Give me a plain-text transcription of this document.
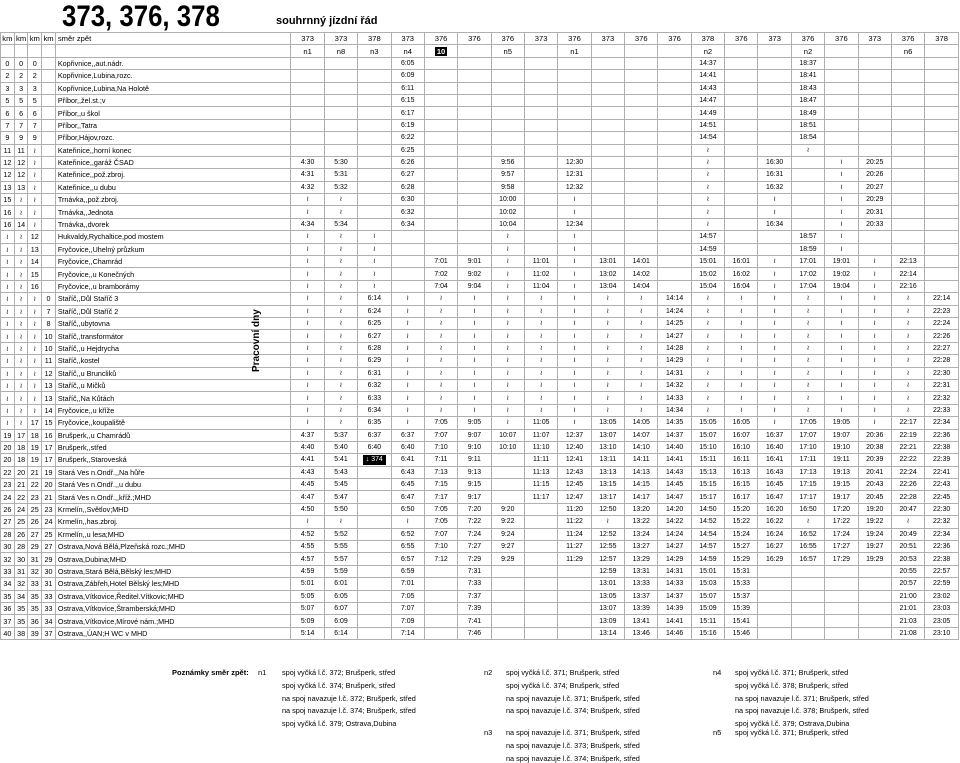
373, 376, 378	souhrnný jízdní řád
km	km	km	km	směr zpět	373	373	378	373	376	376	376	373	376	373	376	376	378	376	373	376	376	373	376	378
					n1	n8	n3	n4	10		n5		n1				n2			n2			n6	
0	0	0		Kopřivnice,,aut.nádr.				6:05									14:37			18:37				
2	2	2		Kopřivnice,Lubina,rozc.				6:09									14:41			18:41				
3	3	3		Kopřivnice,Lubina,Na Holotě				6:11									14:43			18:43				
5	5	5		Příbor,,žel.st.;v				6:15									14:47			18:47				
6	6	6		Příbor,,u škol				6:17									14:49			18:49				
7	7	7		Příbor,,Tatra				6:19									14:51			18:51				
9	9	9		Příbor,Hájov,rozc.				6:22									14:54			18:54				
11	11	≀		Kateřinice,,horní konec				6:25									≀			≀				
12	12	≀		Kateřinice,,garáž ČSAD	4:30	5:30		6:26			9:56		12:30				≀		16:30		≀	20:25		
12	12	≀		Kateřinice,,pož.zbroj.	4:31	5:31		6:27			9:57		12:31				≀		16:31		≀	20:26		
13	13	≀		Kateřinice,,u dubu	4:32	5:32		6:28			9:58		12:32				≀		16:32		≀	20:27		
15	≀	≀		Trnávka,,pož.zbroj.	≀	≀		6:30			10:00		≀				≀		≀		≀	20:29		
16	≀	≀		Trnávka,,Jednota	≀	≀		6:32			10:02		≀				≀		≀		≀	20:31		
16	14	≀		Trnávka,,dvorek	4:34	5:34		6:34			10:04		12:34				≀		16:34		≀	20:33		
≀	≀	12		Hukvaldy,Rychaltice,pod mostem	≀	≀	≀				≀		≀				14:57			18:57	≀			
≀	≀	13		Fryčovice,,Uhelný průzkum	≀	≀	≀				≀		≀				14:59			18:59	≀			
≀	≀	14		Fryčovice,,Chamrád	≀	≀	≀		7:01	9:01	≀	11:01	≀	13:01	14:01		15:01	16:01	≀	17:01	19:01	≀	22:13	
≀	≀	15		Fryčovice,,u Konečných	≀	≀	≀		7:02	9:02	≀	11:02	≀	13:02	14:02		15:02	16:02	≀	17:02	19:02	≀	22:14	
≀	≀	16		Fryčovice,,u bramborárny	≀	≀	≀		7:04	9:04	≀	11:04	≀	13:04	14:04		15:04	16:04	≀	17:04	19:04	≀	22:16	
≀	≀	≀	0	Staříč,,Důl Staříč 3	≀	≀	6:14	≀	≀	≀	≀	≀	≀	≀	≀	14:14	≀	≀	≀	≀	≀	≀	≀	22:14
≀	≀	≀	7	Staříč,,Důl Staříč 2	≀	≀	6:24	≀	≀	≀	≀	≀	≀	≀	≀	14:24	≀	≀	≀	≀	≀	≀	≀	22:23
≀	≀	≀	8	Staříč,,ubytovna	≀	≀	6:25	≀	≀	≀	≀	≀	≀	≀	≀	14:25	≀	≀	≀	≀	≀	≀	≀	22:24
≀	≀	≀	10	Staříč,,transformátor	≀	≀	6:27	≀	≀	≀	≀	≀	≀	≀	≀	14:27	≀	≀	≀	≀	≀	≀	≀	22:26
≀	≀	≀	10	Staříč,,u Hejdrycha	≀	≀	6:28	≀	≀	≀	≀	≀	≀	≀	≀	14:28	≀	≀	≀	≀	≀	≀	≀	22:27
≀	≀	≀	11	Staříč,,kostel	≀	≀	6:29	≀	≀	≀	≀	≀	≀	≀	≀	14:29	≀	≀	≀	≀	≀	≀	≀	22:28
≀	≀	≀	12	Staříč,,u Bruncliků	≀	≀	6:31	≀	≀	≀	≀	≀	≀	≀	≀	14:31	≀	≀	≀	≀	≀	≀	≀	22:30
≀	≀	≀	13	Staříč,,u Mičků	≀	≀	6:32	≀	≀	≀	≀	≀	≀	≀	≀	14:32	≀	≀	≀	≀	≀	≀	≀	22:31
≀	≀	≀	13	Staříč,,Na Kůtách	≀	≀	6:33	≀	≀	≀	≀	≀	≀	≀	≀	14:33	≀	≀	≀	≀	≀	≀	≀	22:32
≀	≀	≀	14	Fryčovice,,u kříže	≀	≀	6:34	≀	≀	≀	≀	≀	≀	≀	≀	14:34	≀	≀	≀	≀	≀	≀	≀	22:33
≀	≀	17	15	Fryčovice,,koupaliště	≀	≀	6:35	≀	7:05	9:05	≀	11:05	≀	13:05	14:05	14:35	15:05	16:05	≀	17:05	19:05	≀	22:17	22:34
19	17	18	16	Brušperk,,u Chamrádů	4:37	5:37	6:37	6:37	7:07	9:07	10:07	11:07	12:37	13:07	14:07	14:37	15:07	16:07	16:37	17:07	19:07	20:36	22:19	22:36
20	18	19	17	Brušperk,,střed	4:40	5:40	6:40	6:40	7:10	9:10	10:10	11:10	12:40	13:10	14:10	14:40	15:10	16:10	16:40	17:10	19:10	20:38	22:21	22:38
20	18	19	17	Brušperk,,Staroveská	4:41	5:41	↓ 374	6:41	7:11	9:11		11:11	12:41	13:11	14:11	14:41	15:11	16:11	16:41	17:11	19:11	20:39	22:22	22:39
22	20	21	19	Stará Ves n.Ondř.,,Na hůře	4:43	5:43		6:43	7:13	9:13		11:13	12:43	13:13	14:13	14:43	15:13	16:13	16:43	17:13	19:13	20:41	22:24	22:41
23	21	22	20	Stará Ves n.Ondř.,,u dubu	4:45	5:45		6:45	7:15	9:15		11:15	12:45	13:15	14:15	14:45	15:15	16:15	16:45	17:15	19:15	20:43	22:26	22:43
24	22	23	21	Stará Ves n.Ondř.,,kříž.;MHD	4:47	5:47		6:47	7:17	9:17		11:17	12:47	13:17	14:17	14:47	15:17	16:17	16:47	17:17	19:17	20:45	22:28	22:45
26	24	25	23	Krmelín,,Světlov;MHD	4:50	5:50		6:50	7:05	7:20	9:20		11:20	12:50	13:20	14:20	14:50	15:20	16:20	16:50	17:20	19:20	20:47	22:30
27	25	26	24	Krmelín,,has.zbroj.	≀	≀		≀	7:05	7:22	9:22		11:22	≀	13:22	14:22	14:52	15:22	16:22	≀	17:22	19:22	≀	22:32
28	26	27	25	Krmelín,,u lesa;MHD	4:52	5:52		6:52	7:07	7:24	9:24		11:24	12:52	13:24	14:24	14:54	15:24	16:24	16:52	17:24	19:24	20:49	22:34
30	28	29	27	Ostrava,Nová Bělá,Plzeňská rozc.;MHD	4:55	5:55		6:55	7:10	7:27	9:27		11:27	12:55	13:27	14:27	14:57	15:27	16:27	16:55	17:27	19:27	20:51	22:36
32	30	31	29	Ostrava,Dubina;MHD	4:57	5:57		6:57	7:12	7:29	9:29		11:29	12:57	13:29	14:29	14:59	15:29	16:29	16:57	17:29	19:29	20:53	22:38
33	31	32	30	Ostrava,Stará Bělá,Bělský les;MHD	4:59	5:59		6:59		7:31				12:59	13:31	14:31	15:01	15:31					20:55	22:57
34	32	33	31	Ostrava,Zábřeh,Hotel Bělský les;MHD	5:01	6:01		7:01		7:33				13:01	13:33	14:33	15:03	15:33					20:57	22:59
35	34	35	33	Ostrava,Vítkovice,Ředitel.Vítkovic;MHD	5:05	6:05		7:05		7:37				13:05	13:37	14:37	15:07	15:37					21:00	23:02
36	35	35	33	Ostrava,Vítkovice,Štramberská;MHD	5:07	6:07		7:07		7:39				13:07	13:39	14:39	15:09	15:39					21:01	23:03
37	35	36	34	Ostrava,Vítkovice,Mírové nám.;MHD	5:09	6:09		7:09		7:41				13:09	13:41	14:41	15:11	15:41					21:03	23:05
40	38	39	37	Ostrava,,ÚAN;H WC v MHD	5:14	6:14		7:14		7:46				13:14	13:46	14:46	15:16	15:46					21:08	23:10
Pracovní dny
Poznámky směr zpět: n1 spoj vyčká l.č. 372; Brušperk, střed
spoj vyčká l.č. 374; Brušperk, střed
na spoj navazuje l.č. 372; Brušperk, střed
na spoj navazuje l.č. 374; Brušperk, střed
spoj vyčká l.č. 379; Ostrava,Dubina
n2 spoj vyčká l.č. 371; Brušperk, střed
spoj vyčká l.č. 374; Brušperk, střed
na spoj navazuje l.č. 371; Brušperk, střed
na spoj navazuje l.č. 374; Brušperk, střed
n3 na spoj navazuje l.č. 371; Brušperk, střed
na spoj navazuje l.č. 373; Brušperk, střed
na spoj navazuje l.č. 374; Brušperk, střed
n4 spoj vyčká l.č. 371; Brušperk, střed
spoj vyčká l.č. 378; Brušperk, střed
na spoj navazuje l.č. 371; Brušperk, střed
na spoj navazuje l.č. 378; Brušperk, střed
spoj vyčká l.č. 379; Ostrava,Dubina
n5 spoj vyčká l.č. 371; Brušperk, střed
